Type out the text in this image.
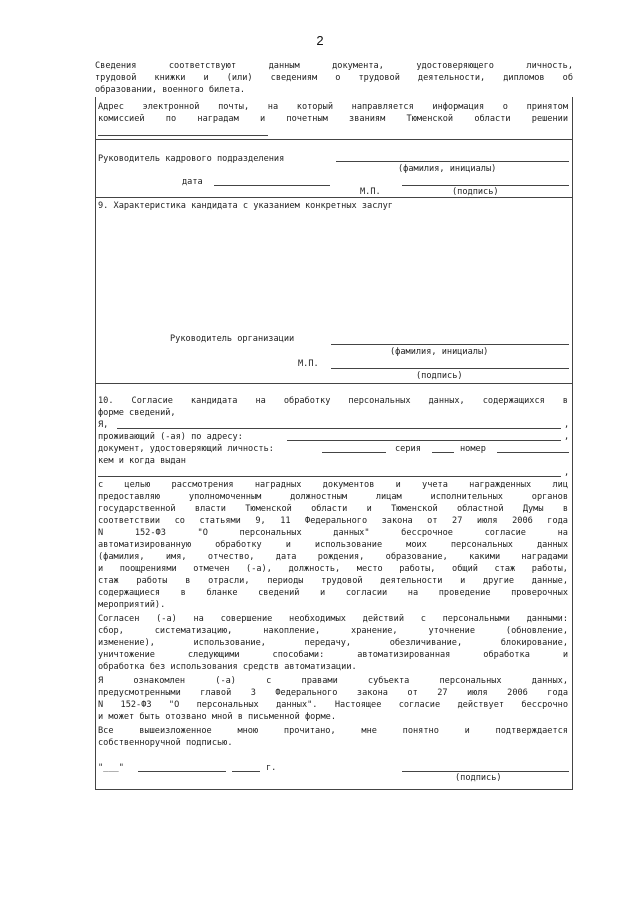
2
Сведения соответствуют данным документа, удостоверяющего личность,
трудовой книжки и (или) сведениям о трудовой деятельности, дипломов об
образовании, военного билета.
Адрес электронной почты, на который направляется информация о принятом
комиссией по наградам и почетным званиям Тюменской области решении
Руководитель кадрового подразделения
(фамилия, инициалы)
дата
М.П.	(подпись)
9. Характеристика кандидата с указанием конкретных заслуг
Руководитель организации
(фамилия, инициалы)
М.П.
(подпись)
10. Согласие кандидата на обработку персональных данных, содержащихся в
форме сведений,
Я,	,
проживающий (-ая) по адресу:	,
документ, удостоверяющий личность:	серия	номер
кем и когда выдан
,
с целью рассмотрения наградных документов и учета награжденных лиц
предоставляю уполномоченным должностным лицам исполнительных органов
государственной власти Тюменской области и Тюменской областной Думы в
соответствии со статьями 9, 11 Федерального закона от 27 июля 2006 года
N 152-ФЗ "О персональных данных" бессрочное согласие на
автоматизированную обработку и использование моих персональных данных
(фамилия, имя, отчество, дата рождения, образование, какими наградами
и поощрениями отмечен (-а), должность, место работы, общий стаж работы,
стаж работы в отрасли, периоды трудовой деятельности и другие данные,
содержащиеся в бланке сведений и согласии на проведение проверочных
мероприятий).
Согласен (-а) на совершение необходимых действий с персональными данными:
сбор, систематизацию, накопление, хранение, уточнение (обновление,
изменение), использование, передачу, обезличивание, блокирование,
уничтожение следующими способами: автоматизированная обработка и
обработка без использования средств автоматизации.
Я ознакомлен (-а) с правами субъекта персональных данных,
предусмотренными главой 3 Федерального закона от 27 июля 2006 года
N 152-ФЗ "О персональных данных". Настоящее согласие действует бессрочно
и может быть отозвано мной в письменной форме.
Все вышеизложенное мною прочитано, мне понятно и подтверждается
собственноручной подписью.
"___"	г.
(подпись)
